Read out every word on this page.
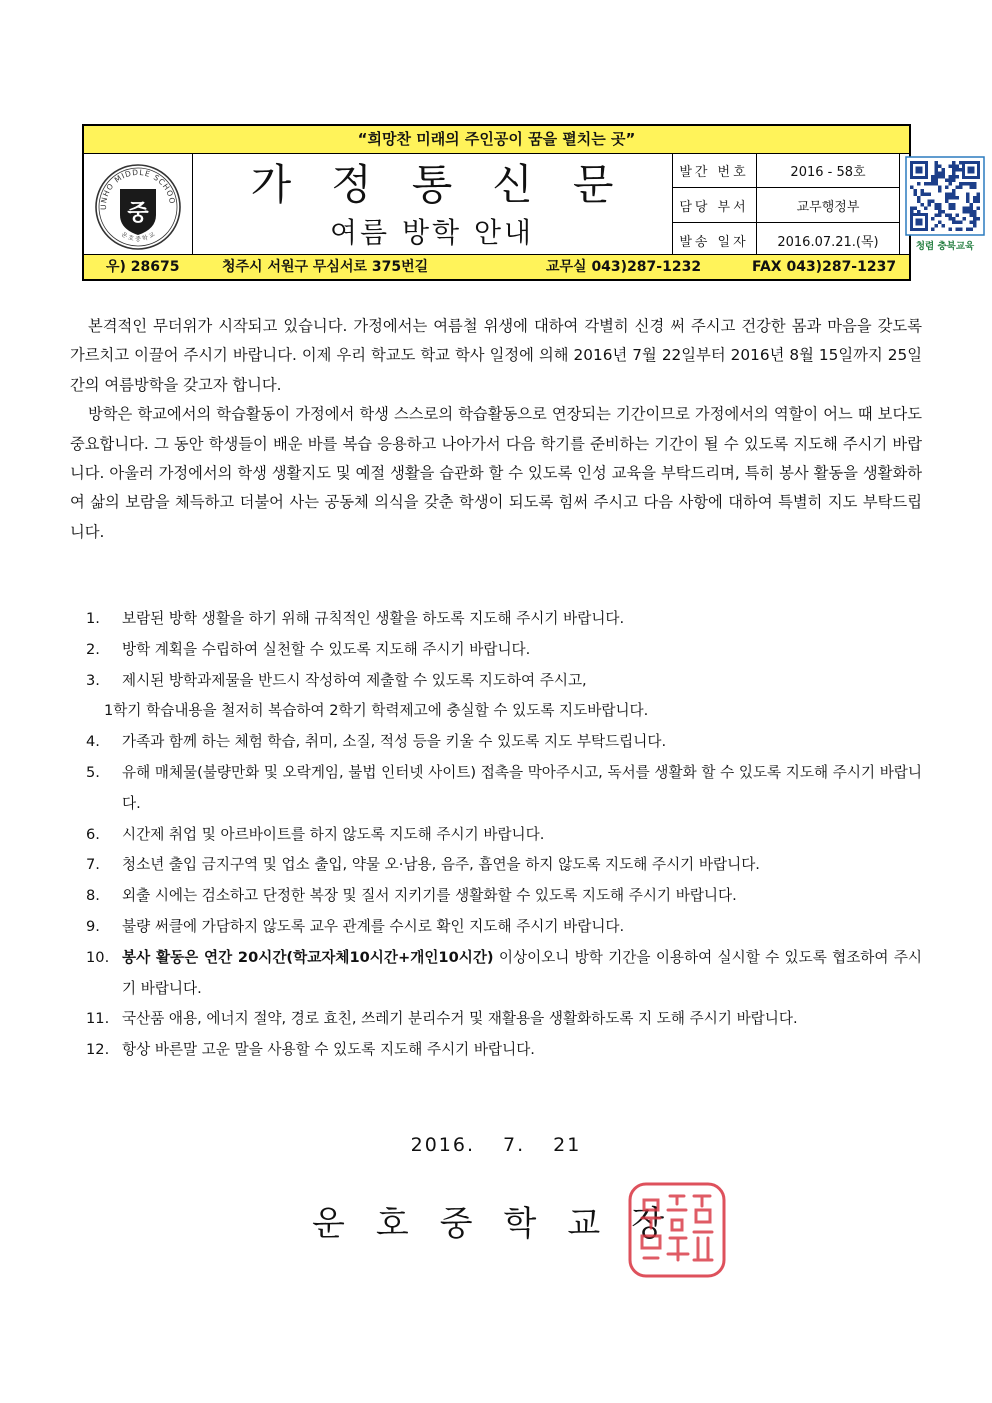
“희망찬 미래의 주인공이 꿈을 펼치는 곳”
UNHO MIDDLE SCHOO
운 호 중 학 교
중
가정통신문
여름 방학 안내
발간 번호	2016 - 58호
담당 부서	교무행정부
발송 일자	2016.07.21.(목)	청렴 충북교육
우) 28675	청주시 서원구 무심서로 375번길	교무실 043)287-1232	FAX 043)287-1237

본격적인 무더위가 시작되고 있습니다. 가정에서는 여름철 위생에 대하여 각별히 신경 써 주시고 건강한 몸과 마음을 갖도록 가르치고 이끌어 주시기 바랍니다. 이제 우리 학교도 학교 학사 일정에 의해 2016년 7월 22일부터 2016년 8월 15일까지 25일간의 여름방학을 갖고자 합니다.

방학은 학교에서의 학습활동이 가정에서 학생 스스로의 학습활동으로 연장되는 기간이므로 가정에서의 역할이 어느 때 보다도 중요합니다. 그 동안 학생들이 배운 바를 복습 응용하고 나아가서 다음 학기를 준비하는 기간이 될 수 있도록 지도해 주시기 바랍니다. 아울러 가정에서의 학생 생활지도 및 예절 생활을 습관화 할 수 있도록 인성 교육을 부탁드리며, 특히 봉사 활동을 생활화하여 삶의 보람을 체득하고 더불어 사는 공동체 의식을 갖춘 학생이 되도록 힘써 주시고 다음 사항에 대하여 특별히 지도 부탁드립니다.

1. 보람된 방학 생활을 하기 위해 규칙적인 생활을 하도록 지도해 주시기 바랍니다.
2. 방학 계획을 수립하여 실천할 수 있도록 지도해 주시기 바랍니다.
3. 제시된 방학과제물을 반드시 작성하여 제출할 수 있도록 지도하여 주시고,
1학기 학습내용을 철저히 복습하여 2학기 학력제고에 충실할 수 있도록 지도바랍니다.
4. 가족과 함께 하는 체험 학습, 취미, 소질, 적성 등을 키울 수 있도록 지도 부탁드립니다.
5. 유해 매체물(불량만화 및 오락게임, 불법 인터넷 사이트) 접촉을 막아주시고, 독서를 생활화 할 수 있도록 지도해 주시기 바랍니다.
6. 시간제 취업 및 아르바이트를 하지 않도록 지도해 주시기 바랍니다.
7. 청소년 출입 금지구역 및 업소 출입, 약물 오·남용, 음주, 흡연을 하지 않도록 지도해 주시기 바랍니다.
8. 외출 시에는 검소하고 단정한 복장 및 질서 지키기를 생활화할 수 있도록 지도해 주시기 바랍니다.
9. 불량 써클에 가담하지 않도록 교우 관계를 수시로 확인 지도해 주시기 바랍니다.
10. 봉사 활동은 연간 20시간(학교자체10시간+개인10시간) 이상이오니 방학 기간을 이용하여 실시할 수 있도록 협조하여 주시기 바랍니다.
11. 국산품 애용, 에너지 절약, 경로 효친, 쓰레기 분리수거 및 재활용을 생활화하도록 지 도해 주시기 바랍니다.
12. 항상 바른말 고운 말을 사용할 수 있도록 지도해 주시기 바랍니다.
2016. 7. 21
운호중학교장
